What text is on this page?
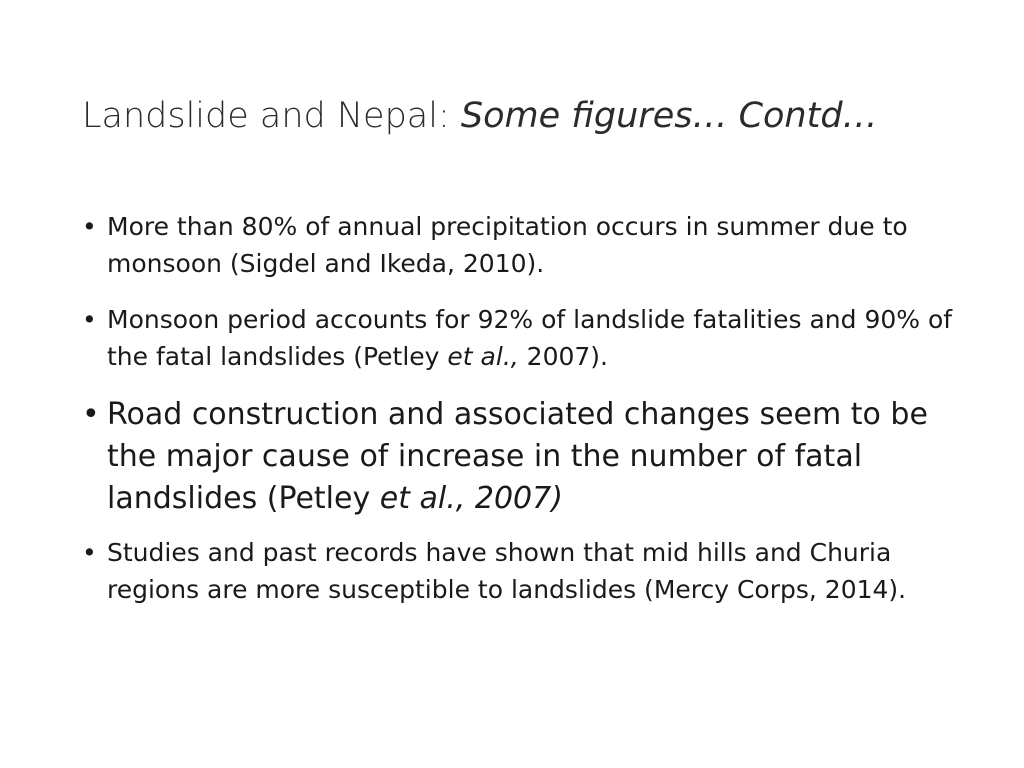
Landslide and Nepal: Some figures… Contd…
• More than 80% of annual precipitation occurs in summer due to monsoon (Sigdel and Ikeda, 2010).
• Monsoon period accounts for 92% of landslide fatalities and 90% of the fatal landslides (Petley et al., 2007).
• Road construction and associated changes seem to be the major cause of increase in the number of fatal landslides (Petley et al., 2007)
• Studies and past records have shown that mid hills and Churia regions are more susceptible to landslides (Mercy Corps, 2014).
